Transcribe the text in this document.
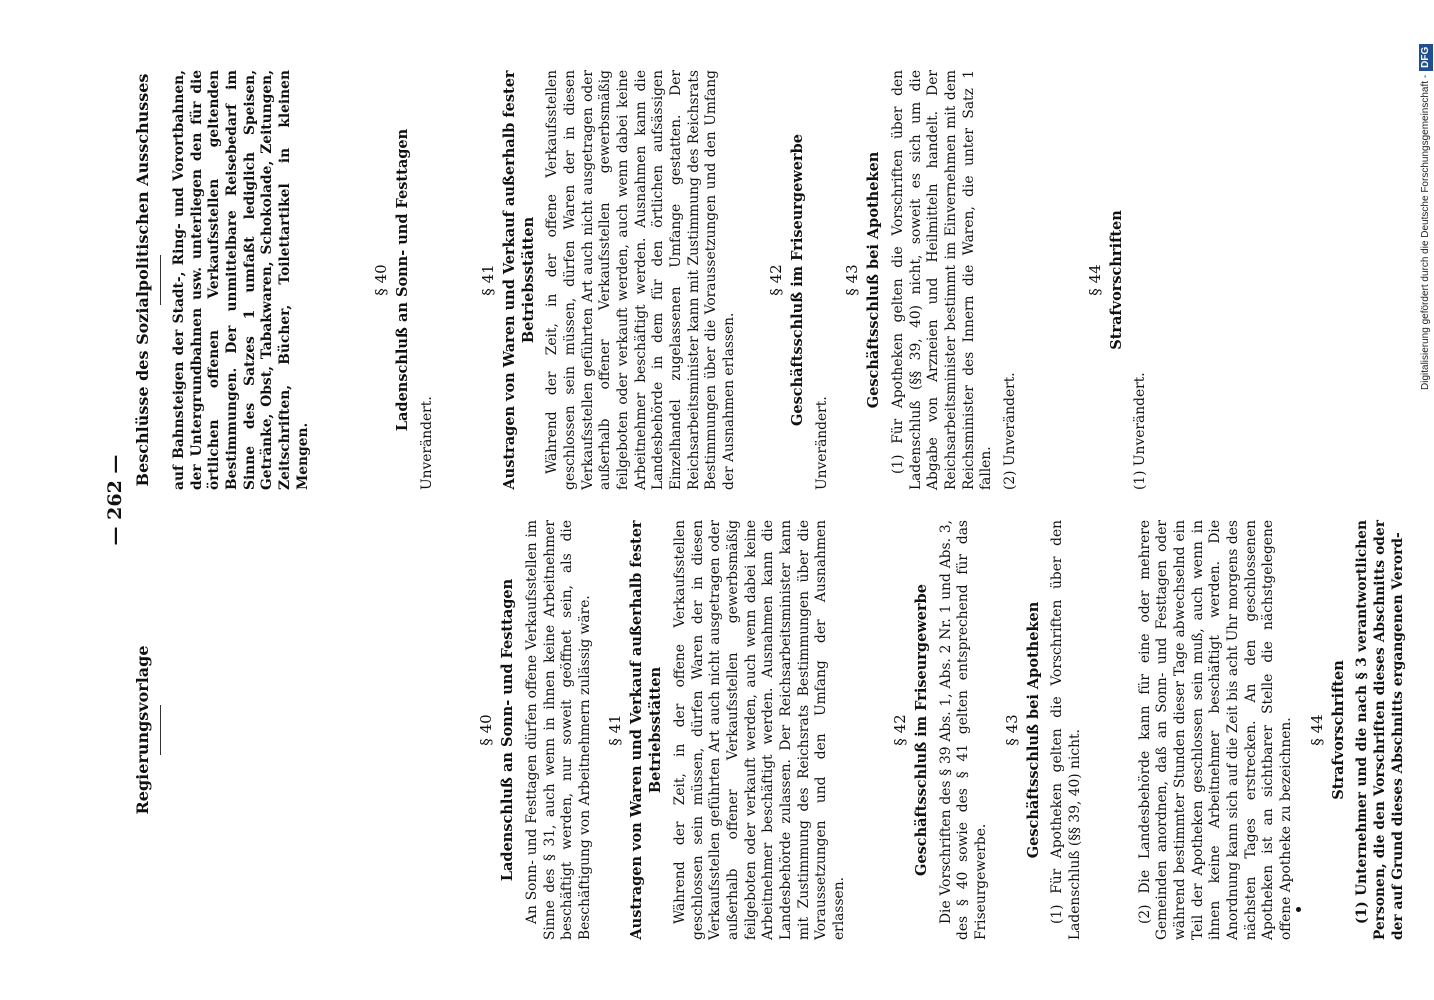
— 262 —
Regierungsvorlage	§ 40 Ladenschluß an Sonn- und Festtagen An Sonn- und Festtagen dürfen offene Verkaufsstellen im Sinne des § 31, auch wenn in ihnen keine Arbeitnehmer beschäftigt werden, nur soweit geöffnet sein, als die Beschäftigung von Arbeitnehmern zulässig wäre. § 41 Austragen von Waren und Verkauf außerhalb fester Betriebsstätten Während der Zeit, in der offene Verkaufsstellen geschlossen sein müssen, dürfen Waren der in diesen Verkaufsstellen geführten Art auch nicht ausgetragen oder außerhalb offener Verkaufsstellen gewerbsmäßig feilgeboten oder verkauft werden, auch wenn dabei keine Arbeitnehmer beschäftigt werden. Ausnahmen kann die Landesbehörde zulassen. Der Reichsarbeitsminister kann mit Zustimmung des Reichsrats Bestimmungen über die Voraussetzungen und den Umfang der Ausnahmen erlassen.

§ 42 Geschäftsschluß im Friseurgewerbe Die Vorschriften des § 39 Abs. 1, Abs. 2 Nr. 1 und Abs. 3, des § 40 sowie des § 41 gelten entsprechend für das Friseurgewerbe.

§ 43 Geschäftsschluß bei Apotheken (1) Für Apotheken gelten die Vorschriften über den Ladenschluß (§§ 39, 40) nicht.	(2) Die Landesbehörde kann für eine oder mehrere Gemeinden anordnen, daß an Sonn- und Festtagen oder während bestimmter Stunden dieser Tage abwechselnd ein Teil der Apotheken geschlossen sein muß, auch wenn in ihnen keine Arbeitnehmer beschäftigt werden. Die Anordnung kann sich auf die Zeit bis acht Uhr morgens des nächsten Tages erstrecken. An den geschlossenen Apotheken ist an sichtbarer Stelle die nächstgelegene offene Apotheke zu bezeichnen. § 44 Strafvorschriften (1) Unternehmer und die nach § 3 verantwortlichen Personen, die den Vorschriften dieses Abschnitts oder der auf Grund dieses Abschnitts ergangenen Verord-

Beschlüsse des Sozialpolitischen Ausschusses	auf Bahnsteigen der Stadt-, Ring- und Vorortbahnen, der Untergrundbahnen usw. unterliegen den für die örtlichen offenen Verkaufsstellen geltenden Bestimmungen. Der unmittelbare Reisebedarf im Sinne des Satzes 1 umfaßt lediglich Speisen, Getränke, Obst, Tabakwaren, Schokolade, Zeitungen, Zeitschriften, Bücher, Toilettartikel in kleinen Mengen.

§ 40 Ladenschluß an Sonn- und Festtagen

Unverändert.

§ 41 Austragen von Waren und Verkauf außerhalb fester Betriebsstätten Während der Zeit, in der offene Verkaufsstellen geschlossen sein müssen, dürfen Waren der in diesen Verkaufsstellen geführten Art auch nicht ausgetragen oder außerhalb offener Verkaufsstellen gewerbsmäßig feilgeboten oder verkauft werden, auch wenn dabei keine Arbeitnehmer beschäftigt werden. Ausnahmen kann die Landesbehörde in dem für den örtlichen aufsässigen Einzelhandel zugelassenen Umfange gestatten. Der Reichsarbeitsminister kann mit Zustimmung des Reichsrats Bestimmungen über die Voraussetzungen und den Umfang der Ausnahmen erlassen.

§ 42 Geschäftsschluß im Friseurgewerbe

Unverändert.

§ 43 Geschäftsschluß bei Apotheken (1) Für Apotheken gelten die Vorschriften über den Ladenschluß (§§ 39, 40) nicht, soweit es sich um die Abgabe von Arzneien und Heilmitteln handelt. Der Reichsarbeitsminister bestimmt im Einvernehmen mit dem Reichsminister des Innern die Waren, die unter Satz 1 fallen. (2) Unverändert.

§ 44 Strafvorschriften

(1) Unverändert.

Digitalisierung gefördert durch die Deutsche Forschungsgemeinschaft -DFG
